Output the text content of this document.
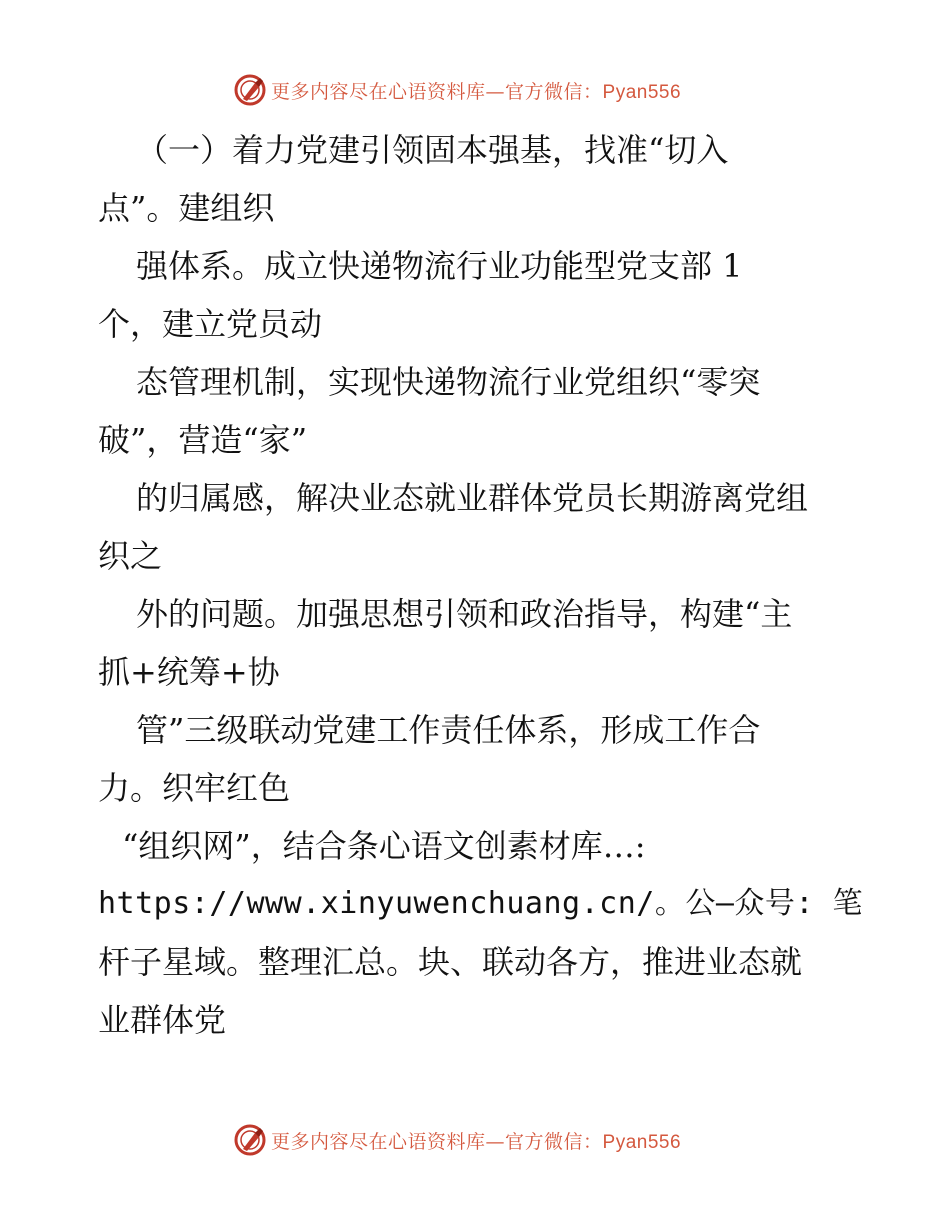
更多内容尽在心语资料库—官方微信：Pyan556
（一）着力党建引领固本强基，找准“切入
点”。建组织
强体系。成立快递物流行业功能型党支部 1
个，建立党员动
态管理机制，实现快递物流行业党组织“零突
破”，营造“家”
的归属感，解决业态就业群体党员长期游离党组
织之
外的问题。加强思想引领和政治指导，构建“主
抓+统筹+协
管”三级联动党建工作责任体系，形成工作合
力。织牢红色
“组织网”，结合条心语文创素材库…:
https://www.xinyuwenchuang.cn/。公—众号: 笔
杆子星域。整理汇总。块、联动各方，推进业态就
业群体党
更多内容尽在心语资料库—官方微信：Pyan556
